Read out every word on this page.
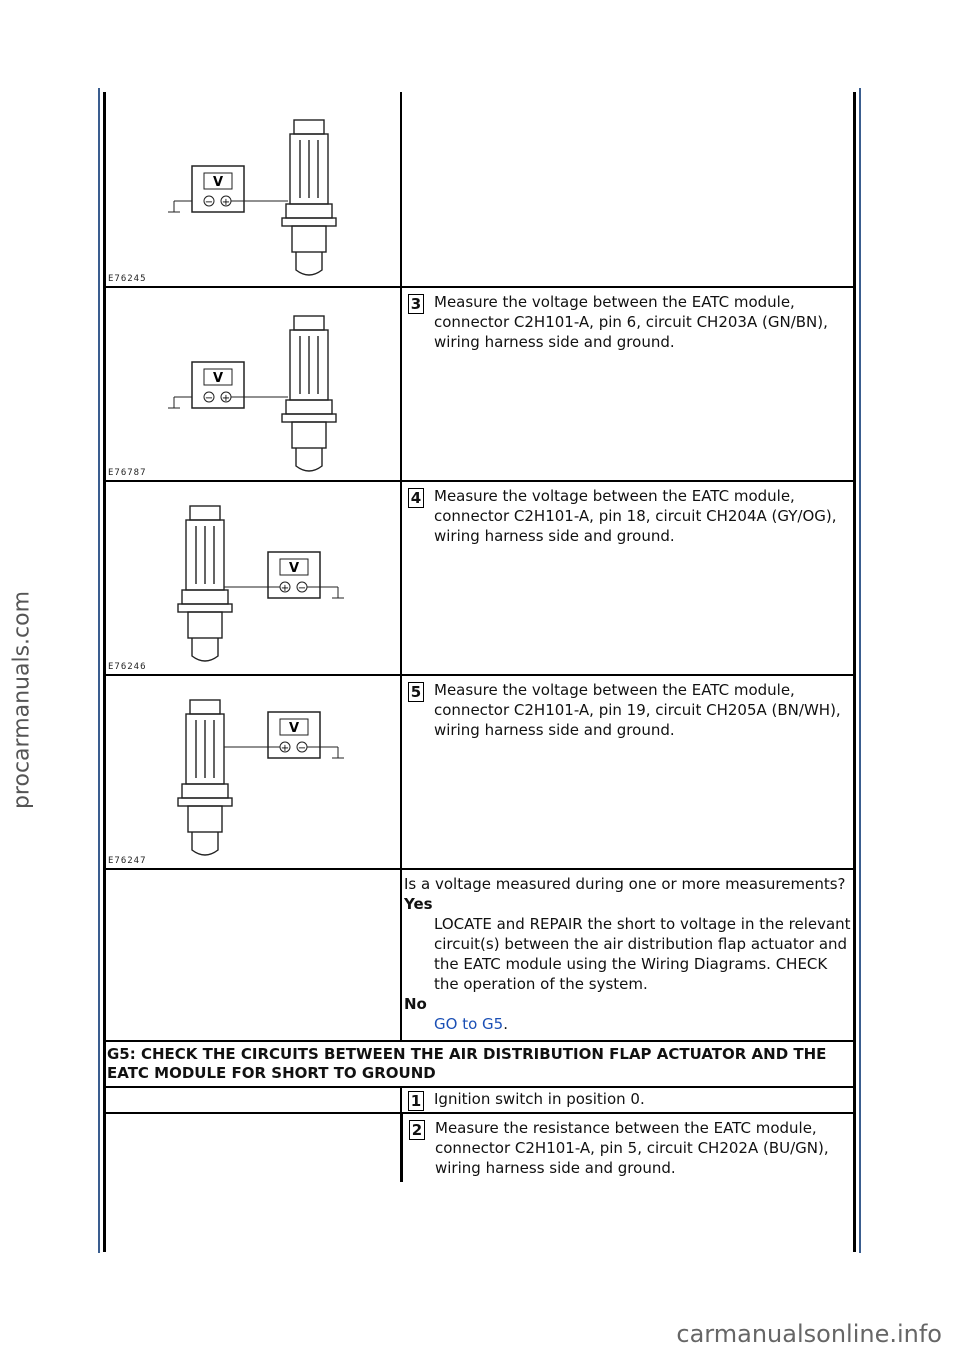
procarmanuals.com
V
− +
E76245
V
− +
E76787
3 Measure the voltage between the EATC module, connector C2H101-A, pin 6, circuit CH203A (GN/BN), wiring harness side and ground.
V
+ −
E76246
4 Measure the voltage between the EATC module, connector C2H101-A, pin 18, circuit CH204A (GY/OG), wiring harness side and ground.
V
+ −
E76247
5 Measure the voltage between the EATC module, connector C2H101-A, pin 19, circuit CH205A (BN/WH), wiring harness side and ground.
Is a voltage measured during one or more measurements?
Yes
LOCATE and REPAIR the short to voltage in the relevant circuit(s) between the air distribution flap actuator and the EATC module using the Wiring Diagrams. CHECK the operation of the system.
No
GO to G5.
G5: CHECK THE CIRCUITS BETWEEN THE AIR DISTRIBUTION FLAP ACTUATOR AND THE EATC MODULE FOR SHORT TO GROUND
1 Ignition switch in position 0.
2 Measure the resistance between the EATC module, connector C2H101-A, pin 5, circuit CH202A (BU/GN), wiring harness side and ground.
carmanualsonline.info
